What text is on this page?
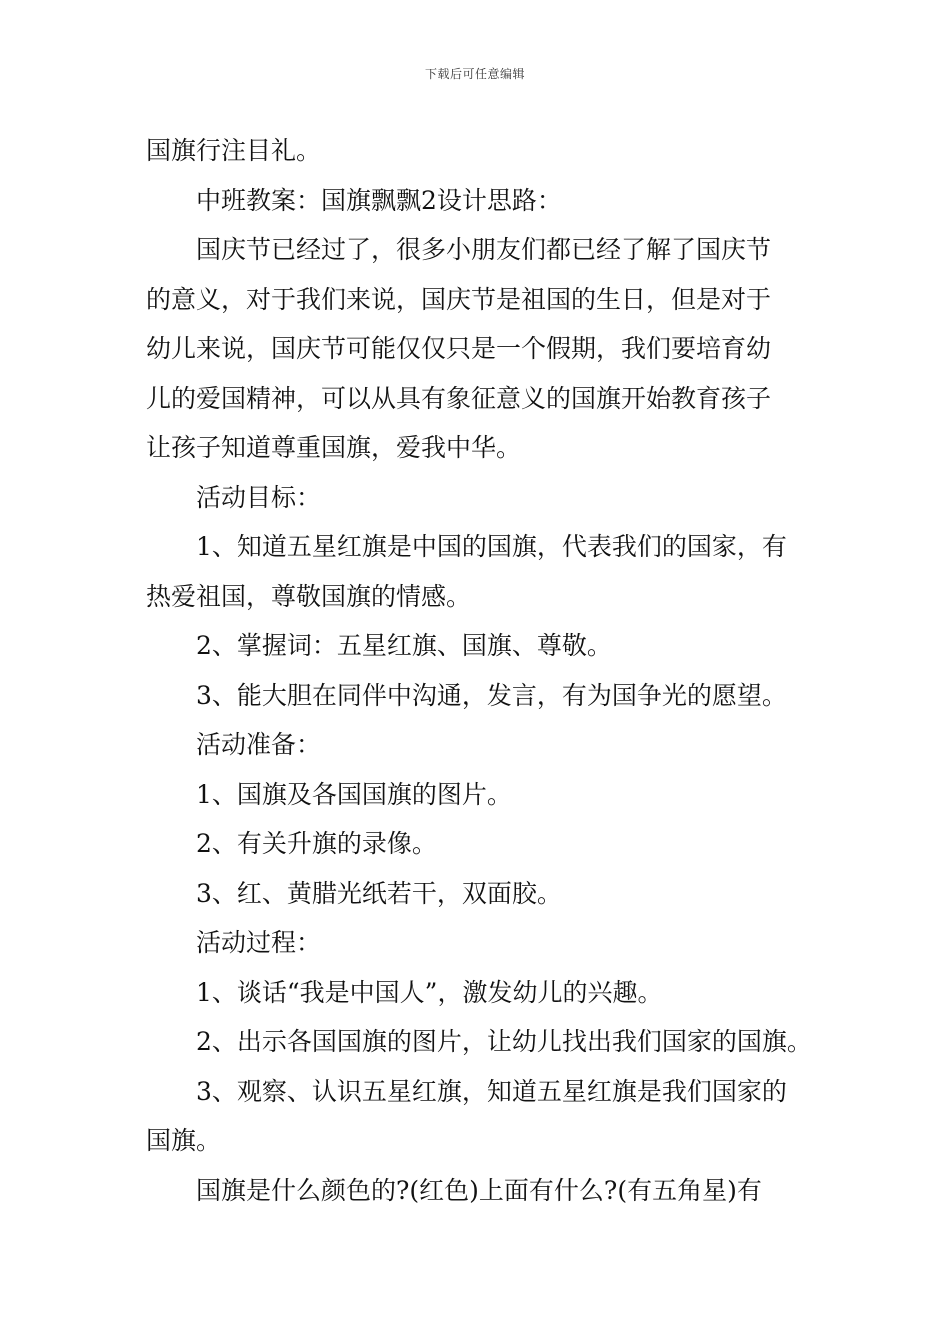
下载后可任意编辑

国旗行注目礼。

中班教案：国旗飘飘2设计思路：

国庆节已经过了，很多小朋友们都已经了解了国庆节

的意义，对于我们来说，国庆节是祖国的生日，但是对于

幼儿来说，国庆节可能仅仅只是一个假期，我们要培育幼

儿的爱国精神，可以从具有象征意义的国旗开始教育孩子

让孩子知道尊重国旗，爱我中华。

活动目标：

1、知道五星红旗是中国的国旗，代表我们的国家，有

热爱祖国，尊敬国旗的情感。

2、掌握词：五星红旗、国旗、尊敬。

3、能大胆在同伴中沟通，发言，有为国争光的愿望。

活动准备：

1、国旗及各国国旗的图片。

2、有关升旗的录像。

3、红、黄腊光纸若干，双面胶。

活动过程：

1、谈话“我是中国人”，激发幼儿的兴趣。

2、出示各国国旗的图片，让幼儿找出我们国家的国旗。

3、观察、认识五星红旗，知道五星红旗是我们国家的

国旗。

国旗是什么颜色的?(红色)上面有什么?(有五角星)有
